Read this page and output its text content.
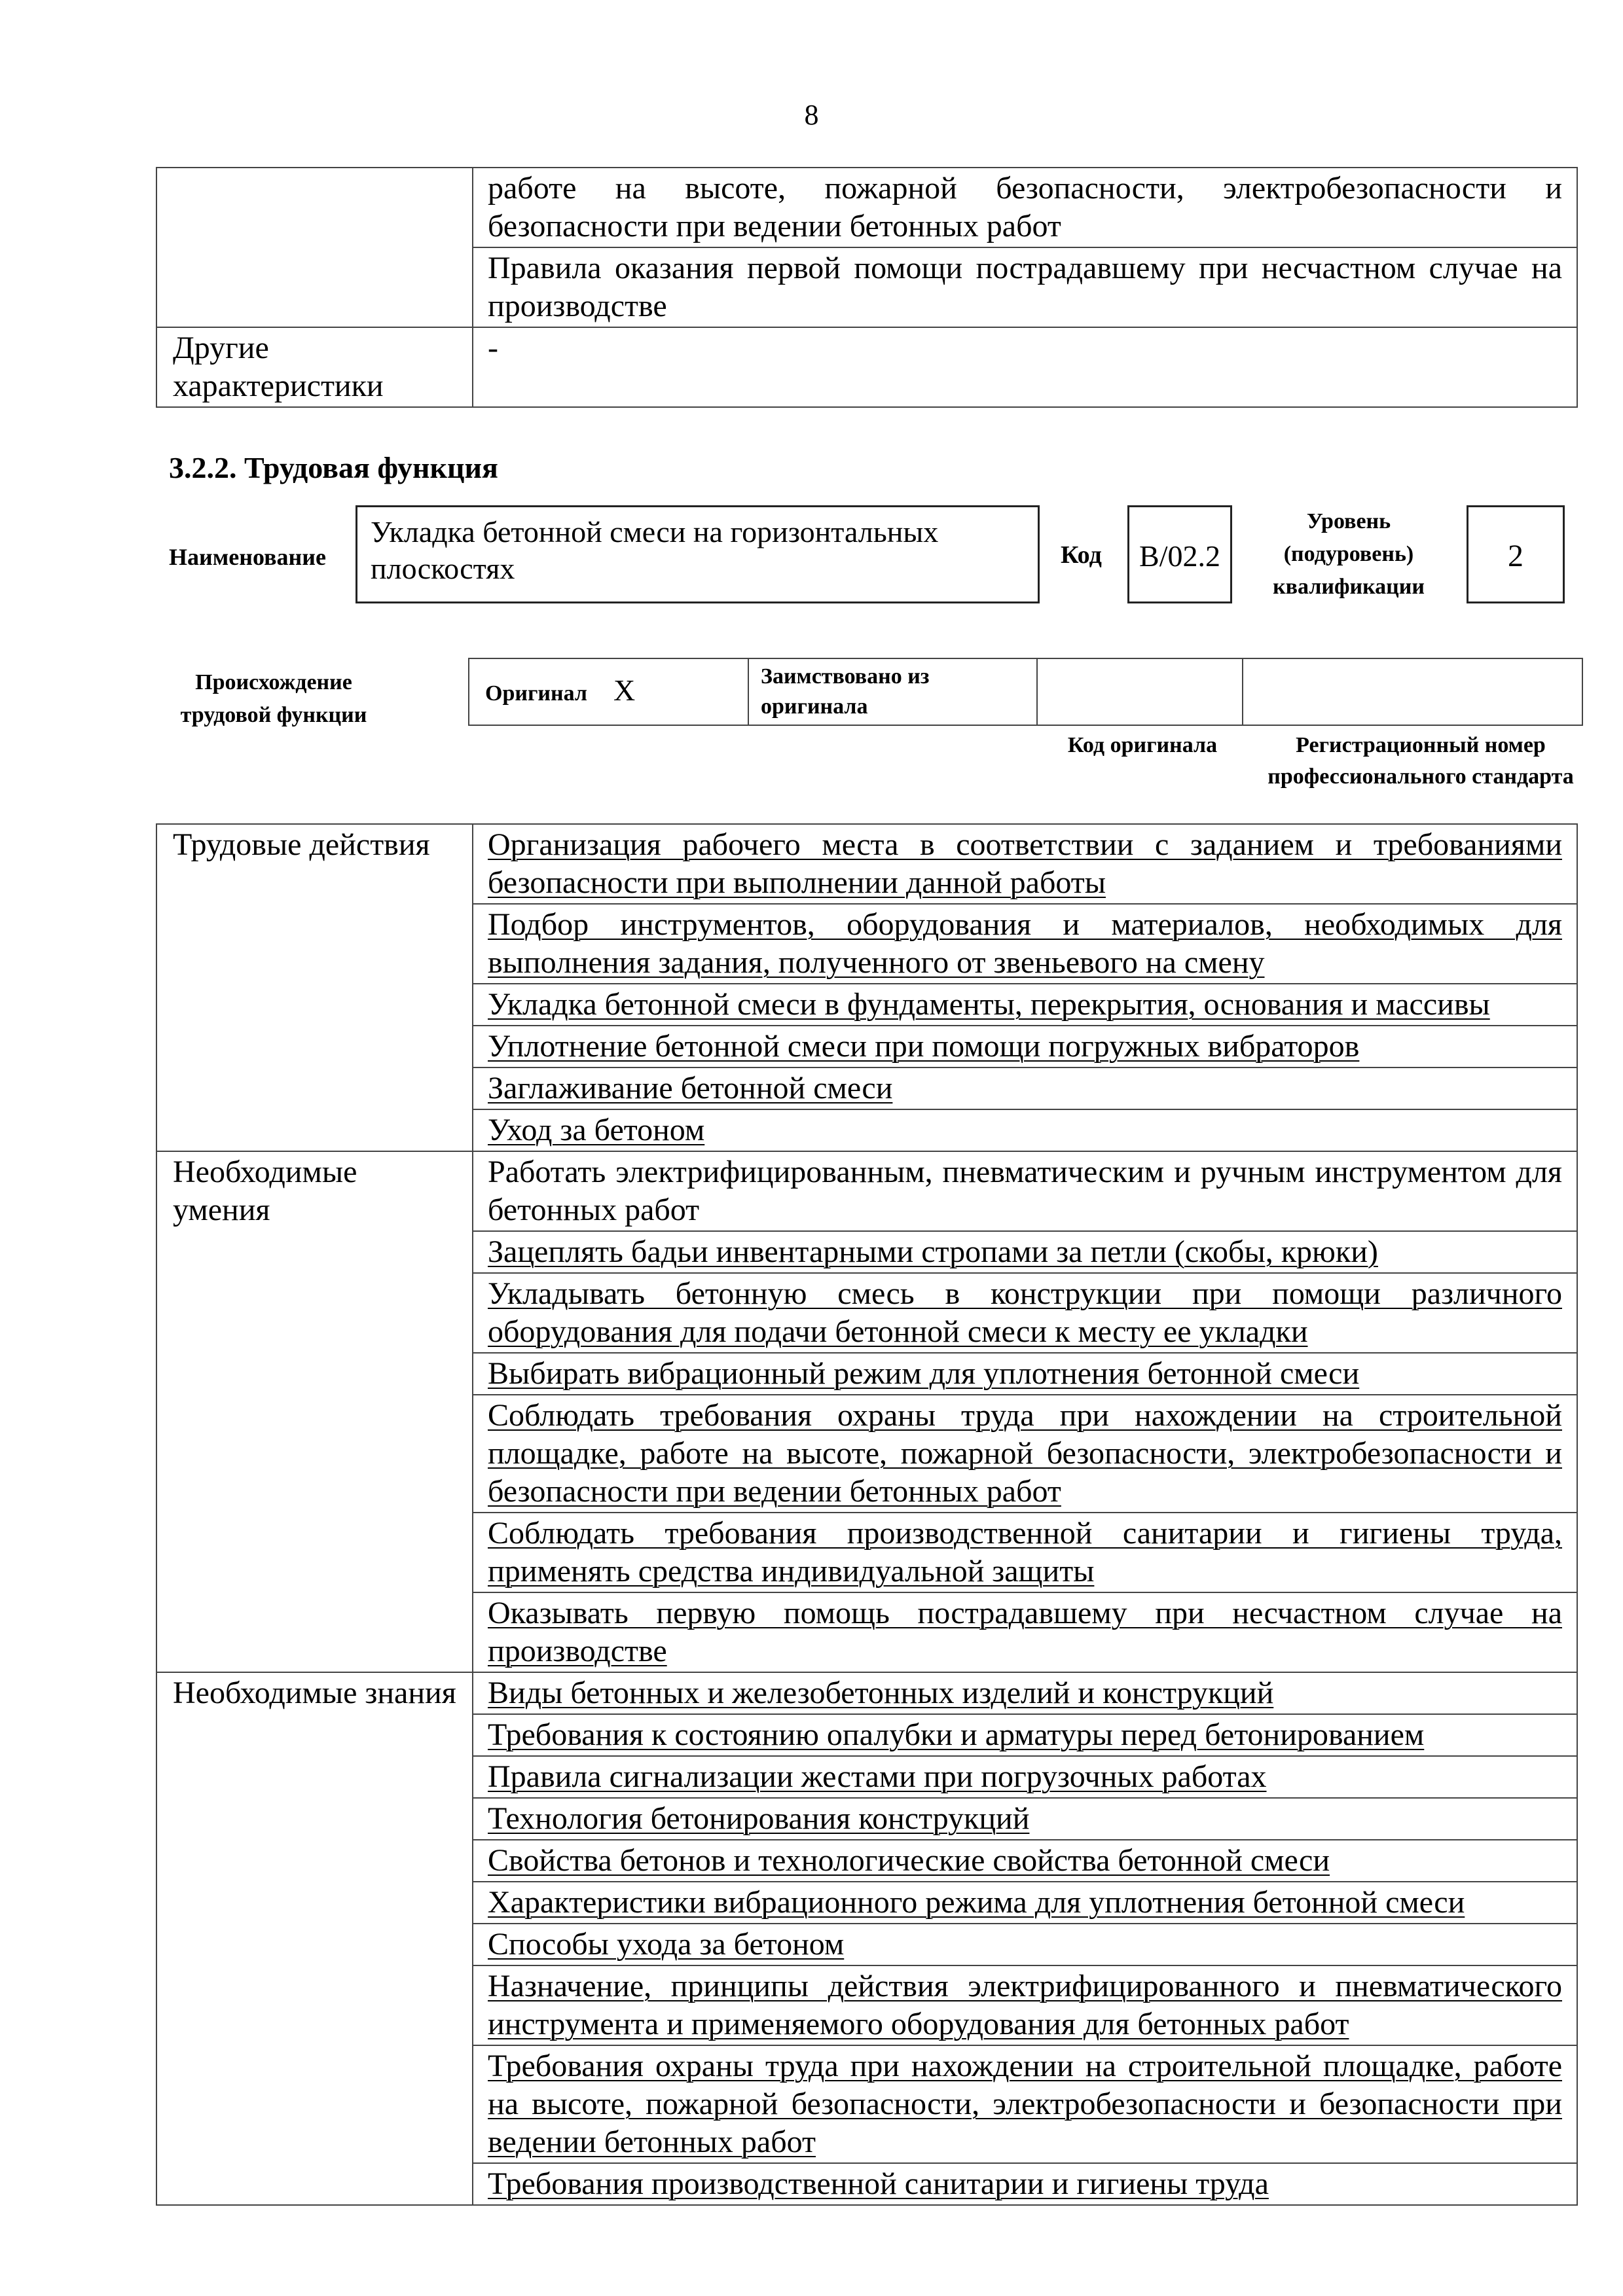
8
	работе на высоте, пожарной безопасности, электробезопасности и безопасности при ведении бетонных работ
	Правила оказания первой помощи пострадавшему при несчастном случае на производстве
Другие характеристики	-
3.2.2. Трудовая функция
Наименование
Укладка бетонной смеси на горизонтальных плоскостях	Код	B/02.2
Уровень (подуровень) квалификации
2
Происхождение трудовой функции
Оригинал X	Заимствовано из оригинала		
Код оригинала	Регистрационный номер профессионального стандарта
Трудовые действия	Организация рабочего места в соответствии с заданием и требованиями безопасности при выполнении данной работы
	Подбор инструментов, оборудования и материалов, необходимых для выполнения задания, полученного от звеньевого на смену
	Укладка бетонной смеси в фундаменты, перекрытия, основания и массивы
	Уплотнение бетонной смеси при помощи погружных вибраторов
	Заглаживание бетонной смеси
	Уход за бетоном
Необходимые умения	Работать электрифицированным, пневматическим и ручным инструментом для бетонных работ
	Зацеплять бадьи инвентарными стропами за петли (скобы, крюки)
	Укладывать бетонную смесь в конструкции при помощи различного оборудования для подачи бетонной смеси к месту ее укладки
	Выбирать вибрационный режим для уплотнения бетонной смеси
	Соблюдать требования охраны труда при нахождении на строительной площадке, работе на высоте, пожарной безопасности, электробезопасности и безопасности при ведении бетонных работ
	Соблюдать требования производственной санитарии и гигиены труда, применять средства индивидуальной защиты
	Оказывать первую помощь пострадавшему при несчастном случае на производстве
Необходимые знания	Виды бетонных и железобетонных изделий и конструкций
	Требования к состоянию опалубки и арматуры перед бетонированием
	Правила сигнализации жестами при погрузочных работах
	Технология бетонирования конструкций
	Свойства бетонов и технологические свойства бетонной смеси
	Характеристики вибрационного режима для уплотнения бетонной смеси
	Способы ухода за бетоном
	Назначение, принципы действия электрифицированного и пневматического инструмента и применяемого оборудования для бетонных работ
	Требования охраны труда при нахождении на строительной площадке, работе на высоте, пожарной безопасности, электробезопасности и безопасности при ведении бетонных работ
	Требования производственной санитарии и гигиены труда
